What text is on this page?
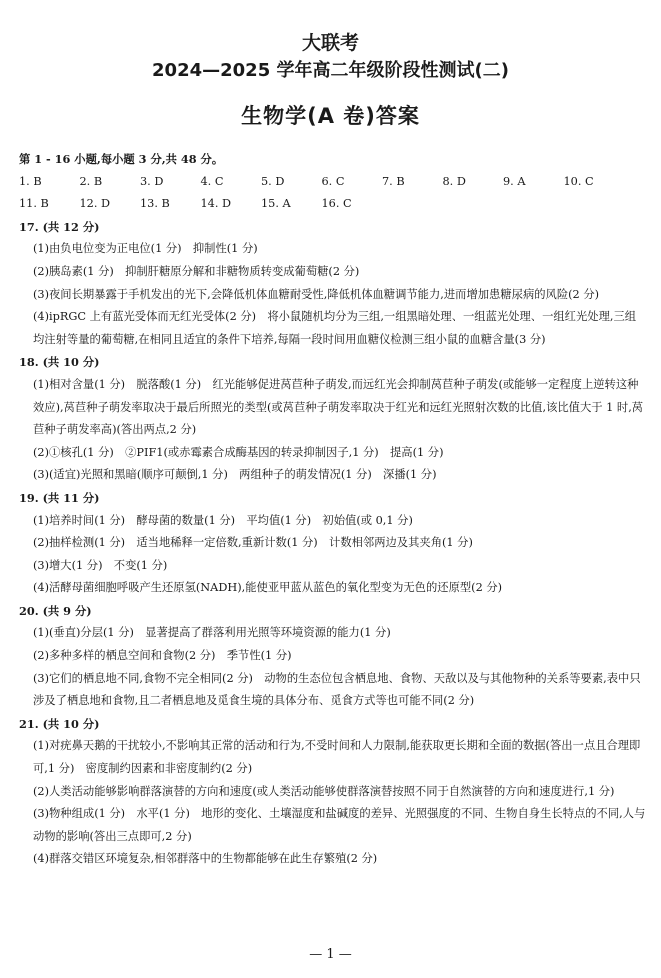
大联考
2024—2025 学年高二年级阶段性测试(二)
生物学(A 卷)答案
第 1 - 16 小题,每小题 3 分,共 48 分。
1. B	2. B	3. D	4. C	5. D	6. C	7. B	8. D	9. A	10. C
11. B	12. D	13. B	14. D	15. A	16. C
17. (共 12 分)
(1)由负电位变为正电位(1 分)　抑制性(1 分)
(2)胰岛素(1 分)　抑制肝糖原分解和非糖物质转变成葡萄糖(2 分)
(3)夜间长期暴露于手机发出的光下,会降低机体血糖耐受性,降低机体血糖调节能力,进而增加患糖尿病的风险(2 分)
(4)ipRGC 上有蓝光受体而无红光受体(2 分)　将小鼠随机均分为三组,一组黑暗处理、一组蓝光处理、一组红光处理,三组均注射等量的葡萄糖,在相同且适宜的条件下培养,每隔一段时间用血糖仪检测三组小鼠的血糖含量(3 分)
18. (共 10 分)
(1)相对含量(1 分)　脱落酸(1 分)　红光能够促进莴苣种子萌发,而远红光会抑制莴苣种子萌发(或能够一定程度上逆转这种效应),莴苣种子萌发率取决于最后所照光的类型(或莴苣种子萌发率取决于红光和远红光照射次数的比值,该比值大于 1 时,莴苣种子萌发率高)(答出两点,2 分)
(2)①核孔(1 分)　②PIF1(或赤霉素合成酶基因的转录抑制因子,1 分)　提高(1 分)
(3)(适宜)光照和黑暗(顺序可颠倒,1 分)　两组种子的萌发情况(1 分)　深播(1 分)
19. (共 11 分)
(1)培养时间(1 分)　酵母菌的数量(1 分)　平均值(1 分)　初始值(或 0,1 分)
(2)抽样检测(1 分)　适当地稀释一定倍数,重新计数(1 分)　计数相邻两边及其夹角(1 分)
(3)增大(1 分)　不变(1 分)
(4)活酵母菌细胞呼吸产生还原氢(NADH),能使亚甲蓝从蓝色的氧化型变为无色的还原型(2 分)
20. (共 9 分)
(1)(垂直)分层(1 分)　显著提高了群落利用光照等环境资源的能力(1 分)
(2)多种多样的栖息空间和食物(2 分)　季节性(1 分)
(3)它们的栖息地不同,食物不完全相同(2 分)　动物的生态位包含栖息地、食物、天敌以及与其他物种的关系等要素,表中只涉及了栖息地和食物,且二者栖息地及觅食生境的具体分布、觅食方式等也可能不同(2 分)
21. (共 10 分)
(1)对疣鼻天鹅的干扰较小,不影响其正常的活动和行为,不受时间和人力限制,能获取更长期和全面的数据(答出一点且合理即可,1 分)　密度制约因素和非密度制约(2 分)
(2)人类活动能够影响群落演替的方向和速度(或人类活动能够使群落演替按照不同于自然演替的方向和速度进行,1 分)
(3)物种组成(1 分)　水平(1 分)　地形的变化、土壤湿度和盐碱度的差异、光照强度的不同、生物自身生长特点的不同,人与动物的影响(答出三点即可,2 分)
(4)群落交错区环境复杂,相邻群落中的生物都能够在此生存繁殖(2 分)
— 1 —
